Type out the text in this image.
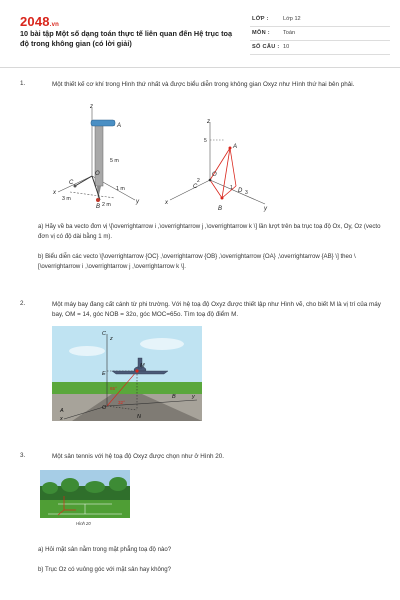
2048.vn
10 bài tập Một số dạng toán thực tế liên quan đến Hệ trục toạ độ trong không gian (có lời giải)
LỚP :	Lớp 12
MÔN : Toán
SỐ CÂU : 10
1.	Một thiết kế cơ khí trong Hình thứ nhất và được biểu diễn trong không gian Oxyz như Hình thứ hai bên phải.
z
A
O
C
B
x
y
5 m
1 m
3 m
2 m
z
A
O
C
B
D
x
y
5
2
1
3
a) Hãy về ba vecto đơn vị \[\overrightarrow i ,\overrightarrow j ,\overrightarrow k \] lần lượt trên ba trục toạ độ Ox, Oy, Oz (vecto đơn vị có độ dài bằng 1 m).
b) Biểu diễn các vecto \[\overrightarrow {OC} ,\overrightarrow {OB} ,\overrightarrow {OA} ,\overrightarrow {AB} \] theo \[\overrightarrow i ,\overrightarrow j ,\overrightarrow k \].
2.	Một máy bay đang cất cánh từ phi trường. Với hệ toạ độ Oxyz được thiết lập như Hình vẽ, cho biết M là vị trí của máy bay, OM = 14, góc NOB = 32o, góc MOC=65o. Tìm toạ độ điểm M.
C
z
M
E
O
A
x
B	y
N
65°
32°
3.	Một sân tennis với hệ toạ độ Oxyz được chọn như ở Hình 20.
Hình 20
a) Hỏi mặt sân nằm trong mặt phẳng toạ độ nào?
b) Trục Oz có vuông góc với mặt sân hay không?
